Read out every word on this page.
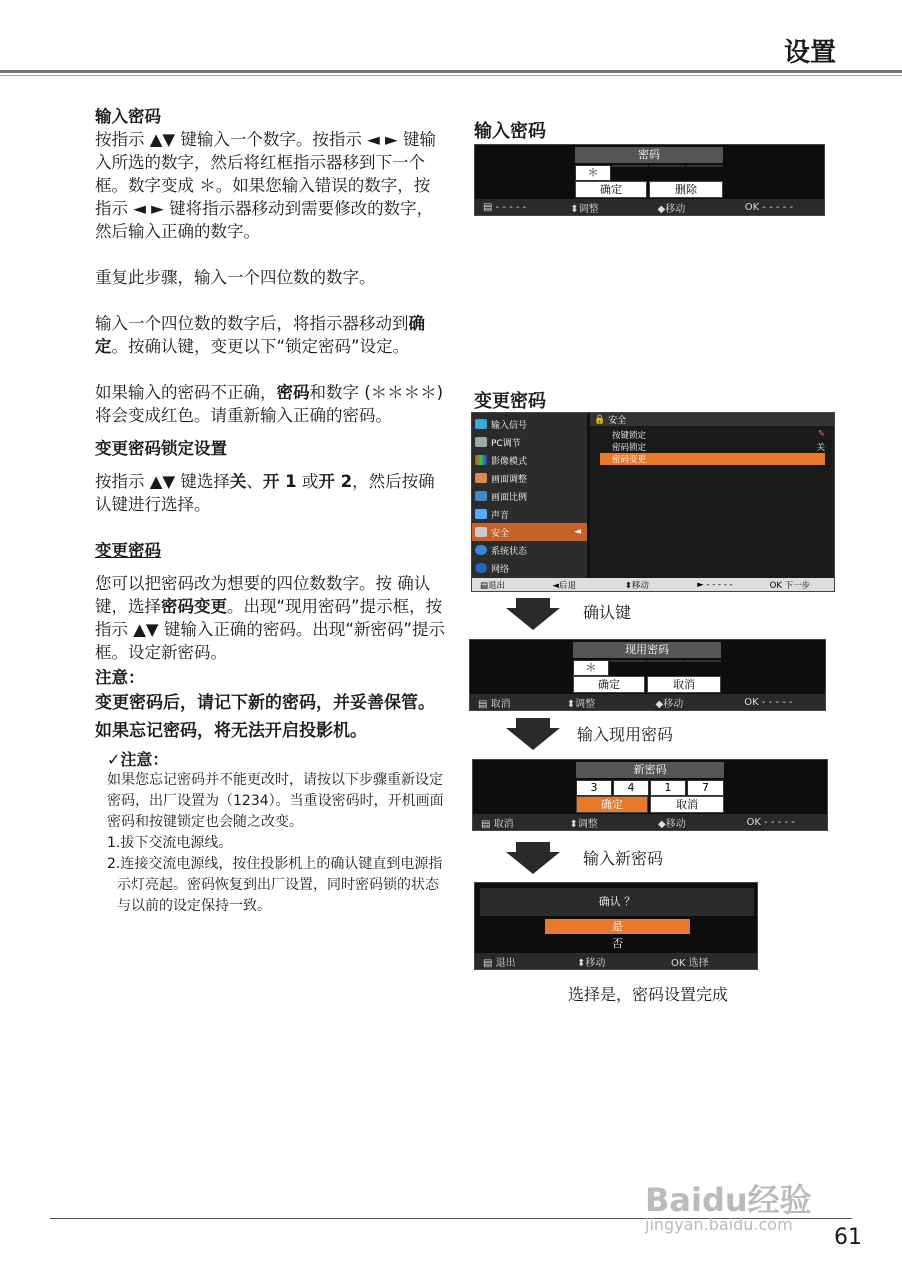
设置

输入密码

按指示 ▲▼ 键输入一个数字。按指示 ◄ ► 键输入所选的数字，然后将红框指示器移到下一个框。数字变成 ＊。如果您输入错误的数字，按指示 ◄ ► 键将指示器移动到需要修改的数字，然后输入正确的数字。

重复此步骤，输入一个四位数的数字。

输入一个四位数的数字后，将指示器移动到确定。按确认键，变更以下“锁定密码”设定。

如果输入的密码不正确，密码和数字 (＊＊＊＊) 将会变成红色。请重新输入正确的密码。

变更密码锁定设置

按指示 ▲▼ 键选择关、开 1 或开 2，然后按确认键进行选择。

变更密码

您可以把密码改为想要的四位数数字。按 确认键，选择密码变更。出现“现用密码”提示框，按指示 ▲▼ 键输入正确的密码。出现“新密码”提示框。设定新密码。

注意：

变更密码后，请记下新的密码，并妥善保管。如果忘记密码，将无法开启投影机。

✓注意：

如果您忘记密码并不能更改时，请按以下步骤重新设定密码，出厂设置为（1234）。当重设密码时，开机画面密码和按键锁定也会随之改变。

1.拔下交流电源线。

2.连接交流电源线，按住投影机上的确认键直到电源指示灯亮起。密码恢复到出厂设置，同时密码锁的状态与以前的设定保持一致。

输入密码
密码
＊
确定	删除
▤ - - - - -	⬍调整	◆移动	OK - - - - -
变更密码
输入信号
PC调节
影像模式
画面调整
画面比例
声音
安全	◄
系统状态
网络
🔒 安全
按键锁定	✎
密码锁定	关
密码变更
▤退出	◄后退	⬍移动	► - - - - -	OK 下一步
确认键
现用密码
＊
确定	取消
▤ 取消	⬍调整	◆移动	OK - - - - -
输入现用密码
新密码
3	4	1	7
确定	取消
▤ 取消	⬍调整	◆移动	OK - - - - -
输入新密码
确认 ？
是
否
▤ 退出	⬍移动	OK 选择
选择是，密码设置完成
61
Baidu经验
jingyan.baidu.com
